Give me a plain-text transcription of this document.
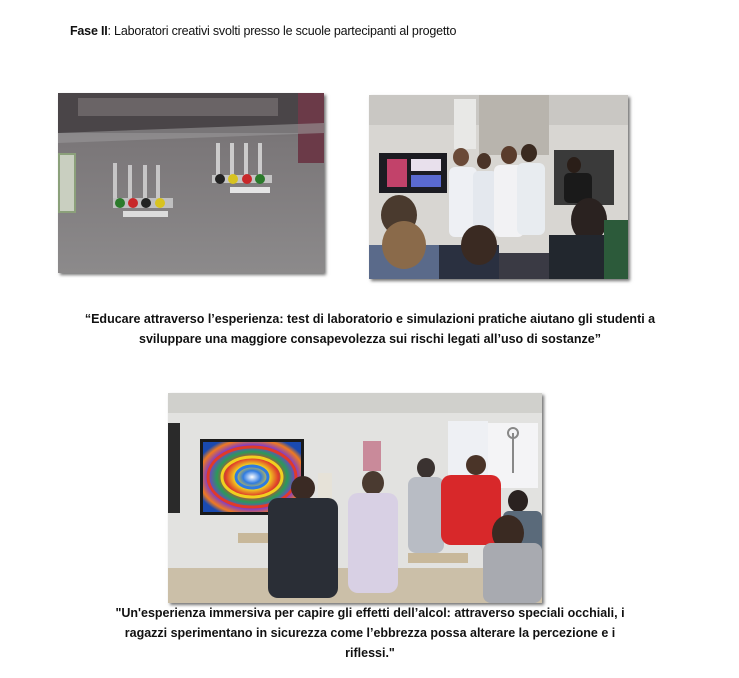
Fase II: Laboratori creativi svolti presso le scuole partecipanti al progetto
“Educare attraverso l’esperienza: test di laboratorio e simulazioni pratiche aiutano gli studenti a
sviluppare una maggiore consapevolezza sui rischi legati all’uso di sostanze”
"Un'esperienza immersiva per capire gli effetti dell’alcol: attraverso speciali occhiali, i
ragazzi sperimentano in sicurezza come l’ebbrezza possa alterare la percezione e i
riflessi."
